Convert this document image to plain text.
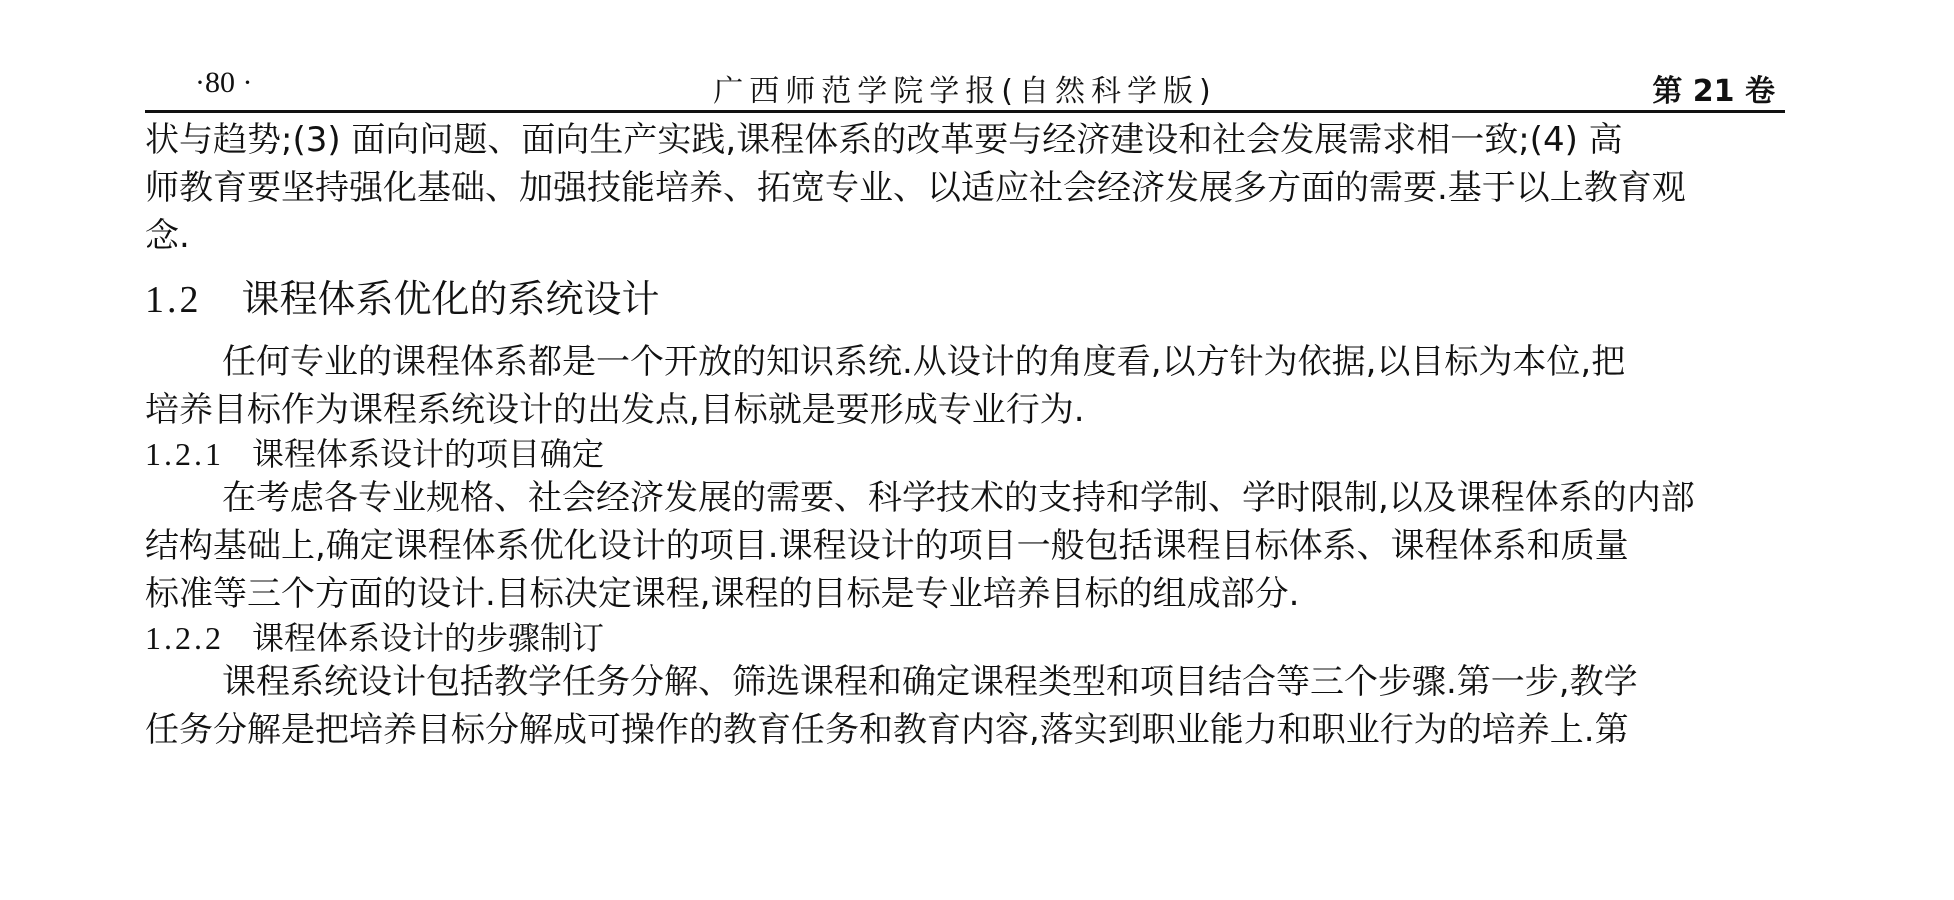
·80 ·	广西师范学院学报(自然科学版)	第 21 卷
状与趋势;(3) 面向问题、面向生产实践,课程体系的改革要与经济建设和社会发展需求相一致;(4) 高
师教育要坚持强化基础、加强技能培养、拓宽专业、以适应社会经济发展多方面的需要.基于以上教育观
念.
1.2 课程体系优化的系统设计
任何专业的课程体系都是一个开放的知识系统.从设计的角度看,以方针为依据,以目标为本位,把
培养目标作为课程系统设计的出发点,目标就是要形成专业行为.
1.2.1 课程体系设计的项目确定
在考虑各专业规格、社会经济发展的需要、科学技术的支持和学制、学时限制,以及课程体系的内部
结构基础上,确定课程体系优化设计的项目.课程设计的项目一般包括课程目标体系、课程体系和质量
标准等三个方面的设计.目标决定课程,课程的目标是专业培养目标的组成部分.
1.2.2 课程体系设计的步骤制订
课程系统设计包括教学任务分解、筛选课程和确定课程类型和项目结合等三个步骤.第一步,教学
任务分解是把培养目标分解成可操作的教育任务和教育内容,落实到职业能力和职业行为的培养上.第
